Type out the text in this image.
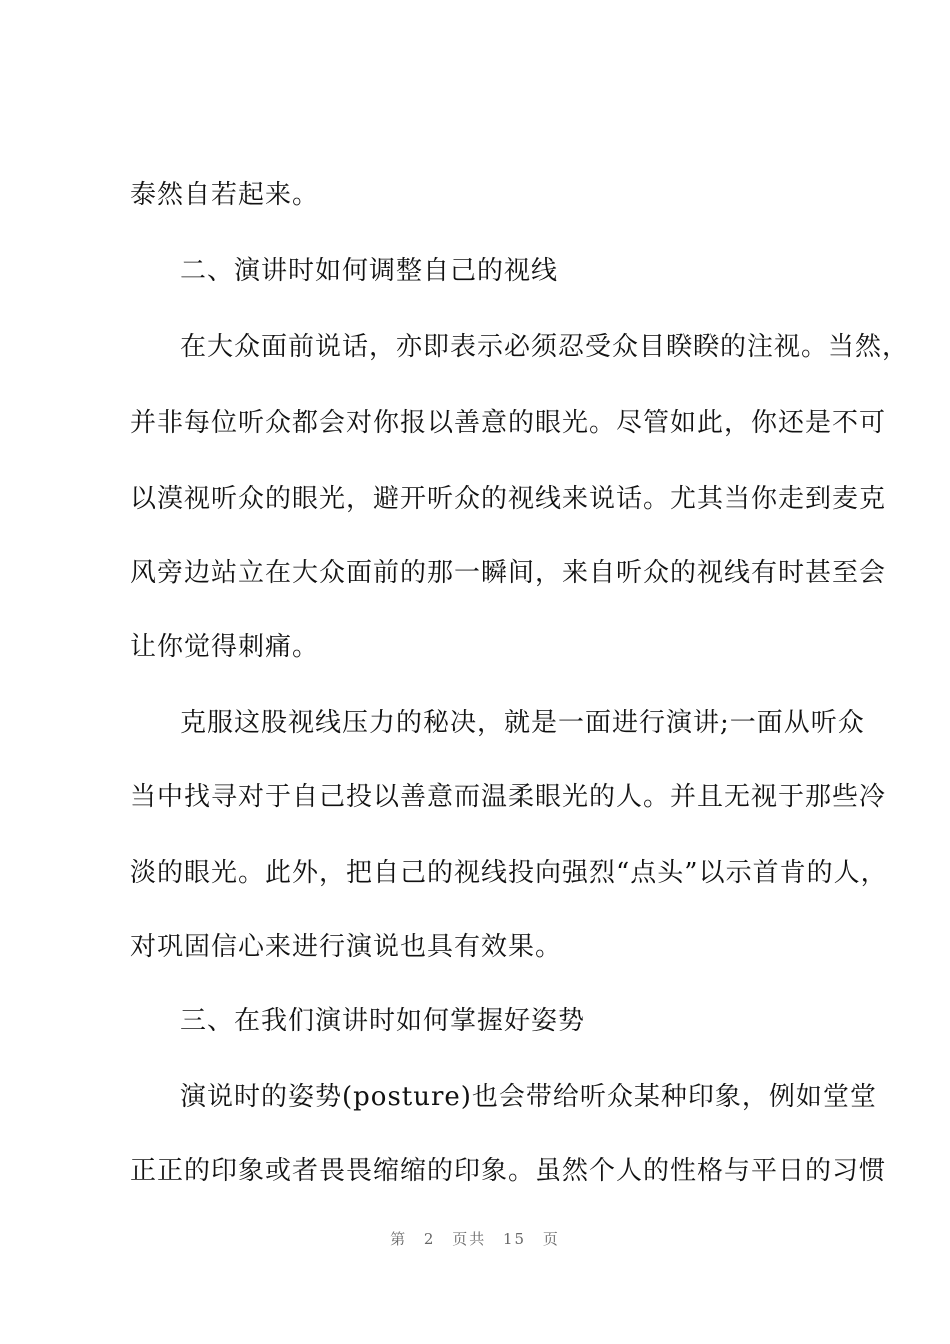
泰然自若起来。
二、演讲时如何调整自己的视线
在大众面前说话，亦即表示必须忍受众目睽睽的注视。当然，
并非每位听众都会对你报以善意的眼光。尽管如此，你还是不可
以漠视听众的眼光，避开听众的视线来说话。尤其当你走到麦克
风旁边站立在大众面前的那一瞬间，来自听众的视线有时甚至会
让你觉得刺痛。
克服这股视线压力的秘决，就是一面进行演讲;一面从听众
当中找寻对于自己投以善意而温柔眼光的人。并且无视于那些冷
淡的眼光。此外，把自己的视线投向强烈“点头”以示首肯的人，
对巩固信心来进行演说也具有效果。
三、在我们演讲时如何掌握好姿势
演说时的姿势(posture)也会带给听众某种印象，例如堂堂
正正的印象或者畏畏缩缩的印象。虽然个人的性格与平日的习惯
第 2 页共 15 页
